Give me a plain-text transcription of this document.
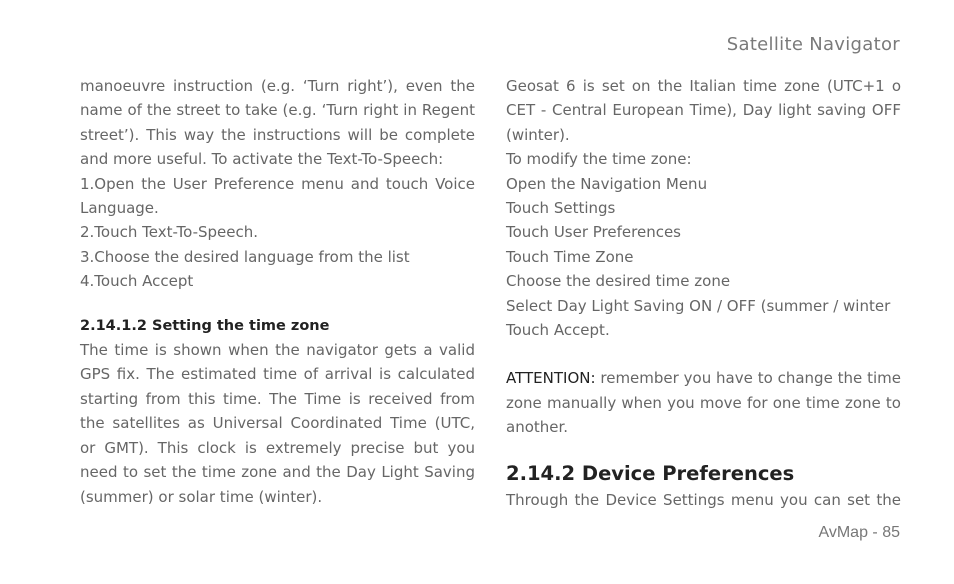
Satellite Navigator

manoeuvre instruction (e.g. ‘Turn right’), even the name of the street to take (e.g. ‘Turn right in Regent street’). This way the instructions will be complete and more useful. To activate the Text-To-Speech:

1.Open the User Preference menu and touch Voice Language.

2.Touch Text-To-Speech.

3.Choose the desired language from the list

4.Touch Accept

2.14.1.2 Setting the time zone

The time is shown when the navigator gets a valid GPS fix. The estimated time of arrival is calculated starting from this time. The Time is received from the satellites as Universal Coordinated Time (UTC, or GMT). This clock is extremely precise but you need to set the time zone and the Day Light Saving (summer) or solar time (winter).

Geosat 6 is set on the Italian time zone (UTC+1 o CET - Central European Time), Day light saving OFF (winter).

To modify the time zone:

Open the Navigation Menu

Touch Settings

Touch User Preferences

Touch Time Zone

Choose the desired time zone

Select Day Light Saving ON / OFF (summer / winter

Touch Accept.

ATTENTION: remember you have to change the time zone manually when you move for one time zone to another.

2.14.2 Device Preferences

Through the Device Settings menu you can set the

AvMap - 85
